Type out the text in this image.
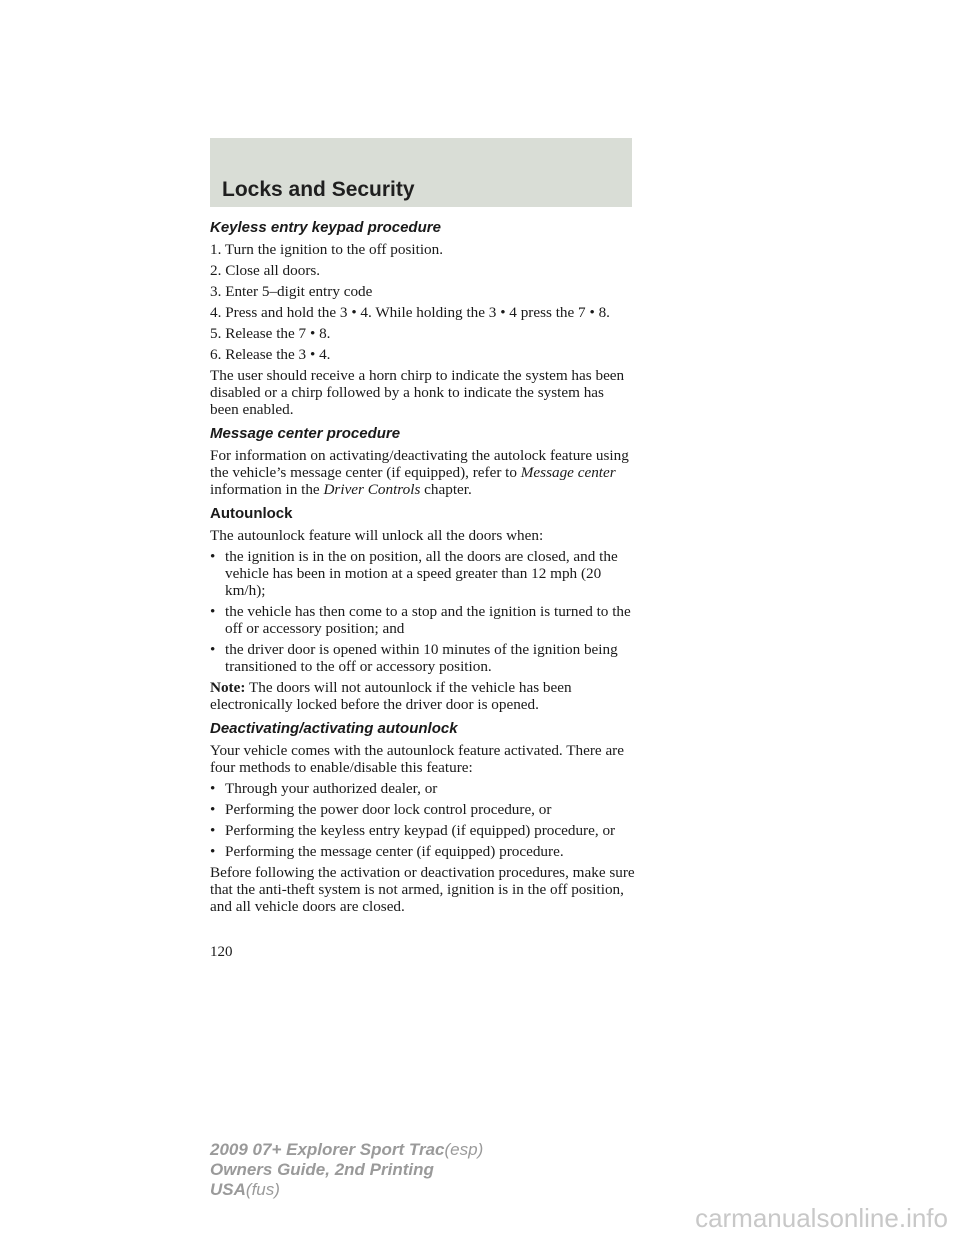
Locks and Security
Keyless entry keypad procedure

1. Turn the ignition to the off position.

2. Close all doors.

3. Enter 5–digit entry code

4. Press and hold the 3 • 4. While holding the 3 • 4 press the 7 • 8.

5. Release the 7 • 8.

6. Release the 3 • 4.

The user should receive a horn chirp to indicate the system has been disabled or a chirp followed by a honk to indicate the system has been enabled.

Message center procedure

For information on activating/deactivating the autolock feature using the vehicle’s message center (if equipped), refer to Message center information in the Driver Controls chapter.

Autounlock

The autounlock feature will unlock all the doors when:

• the ignition is in the on position, all the doors are closed, and the vehicle has been in motion at a speed greater than 12 mph (20 km/h);
• the vehicle has then come to a stop and the ignition is turned to the off or accessory position; and
• the driver door is opened within 10 minutes of the ignition being transitioned to the off or accessory position.

Note: The doors will not autounlock if the vehicle has been electronically locked before the driver door is opened.

Deactivating/activating autounlock

Your vehicle comes with the autounlock feature activated. There are four methods to enable/disable this feature:

• Through your authorized dealer, or
• Performing the power door lock control procedure, or
• Performing the keyless entry keypad (if equipped) procedure, or
• Performing the message center (if equipped) procedure.

Before following the activation or deactivation procedures, make sure that the anti-theft system is not armed, ignition is in the off position, and all vehicle doors are closed.

120
2009 07+ Explorer Sport Trac(esp)
Owners Guide, 2nd Printing
USA(fus)
carmanualsonline.info
